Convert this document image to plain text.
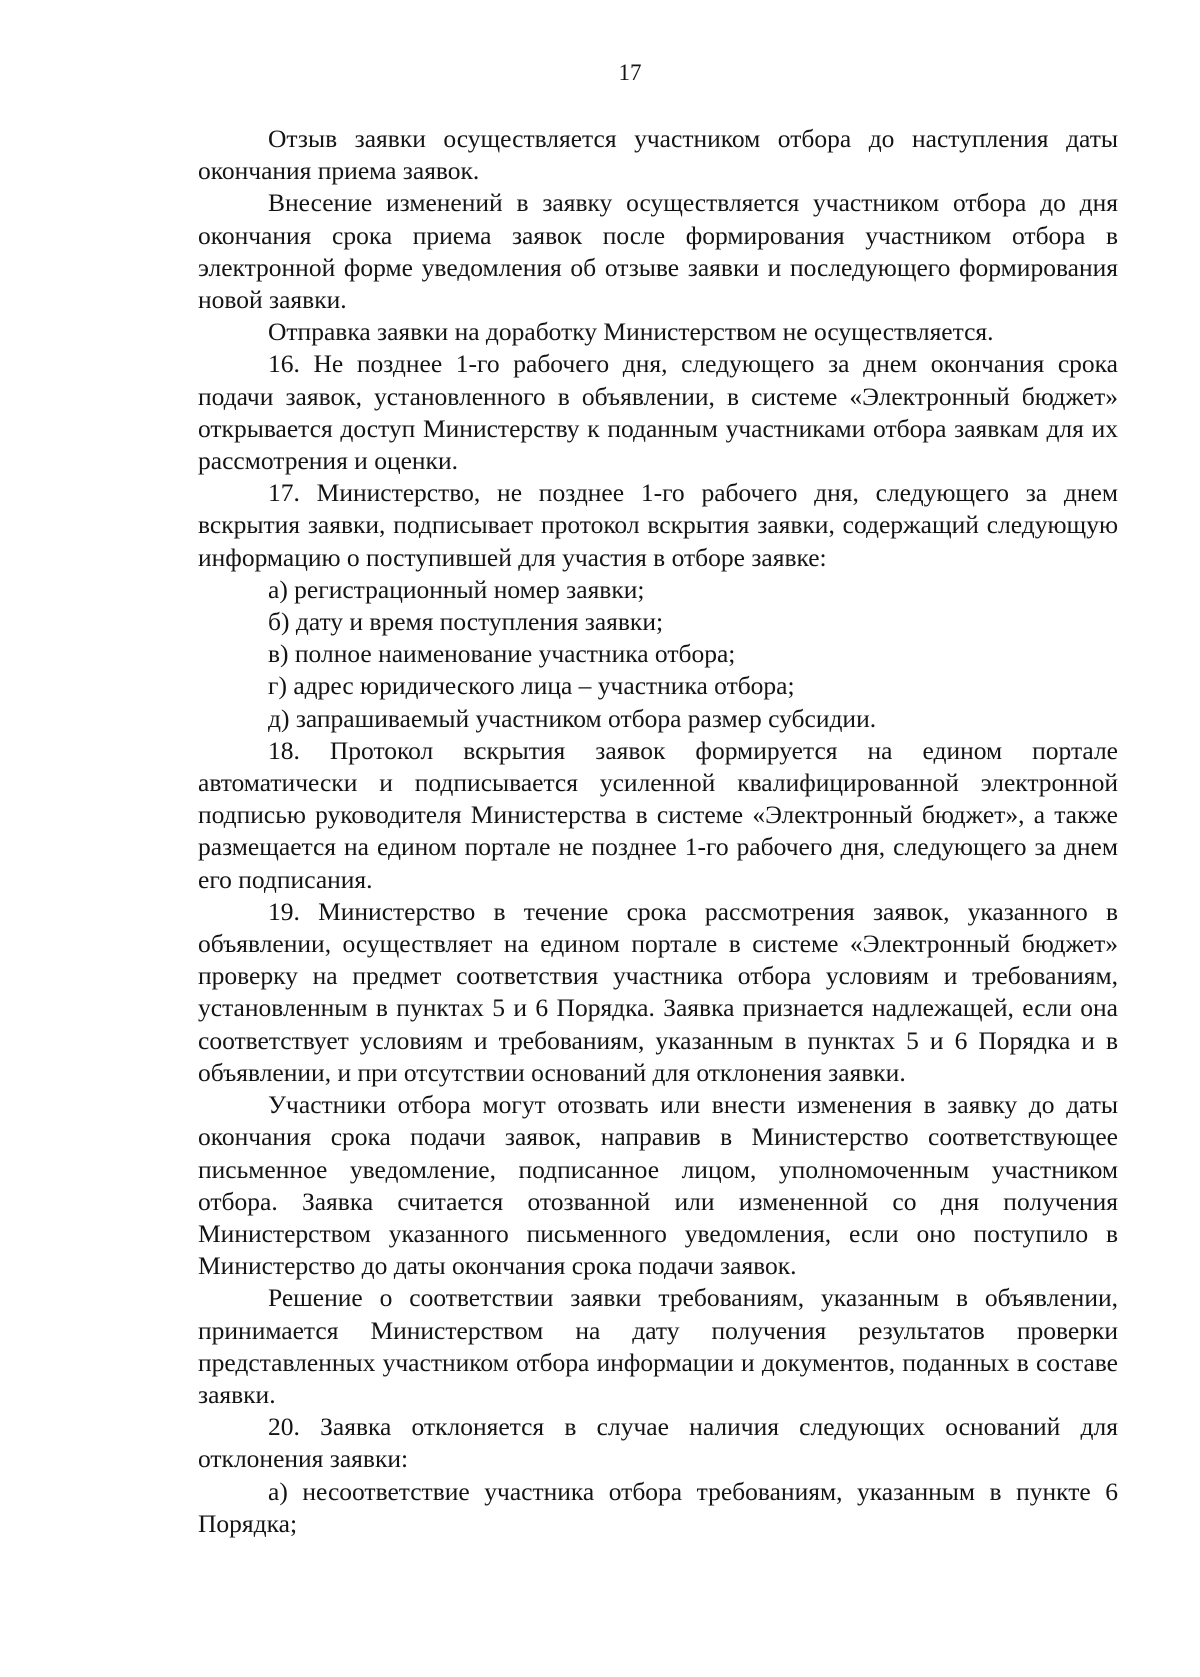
17

Отзыв заявки осуществляется участником отбора до наступления даты окончания приема заявок.

Внесение изменений в заявку осуществляется участником отбора до дня окончания срока приема заявок после формирования участником отбора в электронной форме уведомления об отзыве заявки и последующего формирования новой заявки.

Отправка заявки на доработку Министерством не осуществляется.

16. Не позднее 1-го рабочего дня, следующего за днем окончания срока подачи заявок, установленного в объявлении, в системе «Электронный бюджет» открывается доступ Министерству к поданным участниками отбора заявкам для их рассмотрения и оценки.

17. Министерство, не позднее 1-го рабочего дня, следующего за днем вскрытия заявки, подписывает протокол вскрытия заявки, содержащий следующую информацию о поступившей для участия в отборе заявке:

а) регистрационный номер заявки;

б) дату и время поступления заявки;

в) полное наименование участника отбора;

г) адрес юридического лица – участника отбора;

д) запрашиваемый участником отбора размер субсидии.

18. Протокол вскрытия заявок формируется на едином портале автоматически и подписывается усиленной квалифицированной электронной подписью руководителя Министерства в системе «Электронный бюджет», а также размещается на едином портале не позднее 1-го рабочего дня, следующего за днем его подписания.

19. Министерство в течение срока рассмотрения заявок, указанного в объявлении, осуществляет на едином портале в системе «Электронный бюджет» проверку на предмет соответствия участника отбора условиям и требованиям, установленным в пунктах 5 и 6 Порядка. Заявка признается надлежащей, если она соответствует условиям и требованиям, указанным в пунктах 5 и 6 Порядка и в объявлении, и при отсутствии оснований для отклонения заявки.

Участники отбора могут отозвать или внести изменения в заявку до даты окончания срока подачи заявок, направив в Министерство соответствующее письменное уведомление, подписанное лицом, уполномоченным участником отбора. Заявка считается отозванной или измененной со дня получения Министерством указанного письменного уведомления, если оно поступило в Министерство до даты окончания срока подачи заявок.

Решение о соответствии заявки требованиям, указанным в объявлении, принимается Министерством на дату получения результатов проверки представленных участником отбора информации и документов, поданных в составе заявки.

20. Заявка отклоняется в случае наличия следующих оснований для отклонения заявки:

а) несоответствие участника отбора требованиям, указанным в пункте 6 Порядка;
